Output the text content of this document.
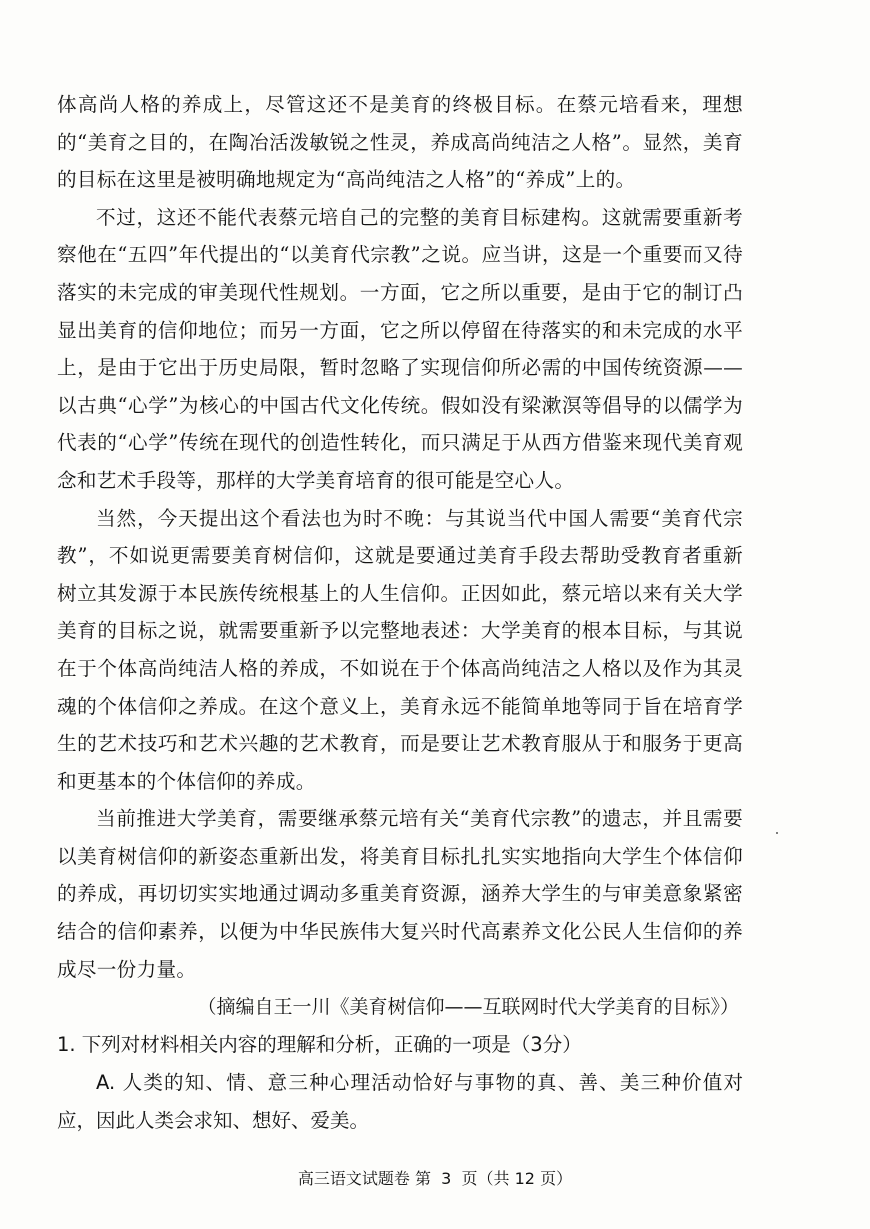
体高尚人格的养成上，尽管这还不是美育的终极目标。在蔡元培看来，理想的“美育之目的，在陶冶活泼敏锐之性灵，养成高尚纯洁之人格”。显然，美育的目标在这里是被明确地规定为“高尚纯洁之人格”的“养成”上的。

不过，这还不能代表蔡元培自己的完整的美育目标建构。这就需要重新考察他在“五四”年代提出的“以美育代宗教”之说。应当讲，这是一个重要而又待落实的未完成的审美现代性规划。一方面，它之所以重要，是由于它的制订凸显出美育的信仰地位；而另一方面，它之所以停留在待落实的和未完成的水平上，是由于它出于历史局限，暂时忽略了实现信仰所必需的中国传统资源——以古典“心学”为核心的中国古代文化传统。假如没有梁漱溟等倡导的以儒学为代表的“心学”传统在现代的创造性转化，而只满足于从西方借鉴来现代美育观念和艺术手段等，那样的大学美育培育的很可能是空心人。

当然，今天提出这个看法也为时不晚：与其说当代中国人需要“美育代宗教”，不如说更需要美育树信仰，这就是要通过美育手段去帮助受教育者重新树立其发源于本民族传统根基上的人生信仰。正因如此，蔡元培以来有关大学美育的目标之说，就需要重新予以完整地表述：大学美育的根本目标，与其说在于个体高尚纯洁人格的养成，不如说在于个体高尚纯洁之人格以及作为其灵魂的个体信仰之养成。在这个意义上，美育永远不能简单地等同于旨在培育学生的艺术技巧和艺术兴趣的艺术教育，而是要让艺术教育服从于和服务于更高和更基本的个体信仰的养成。

当前推进大学美育，需要继承蔡元培有关“美育代宗教”的遗志，并且需要以美育树信仰的新姿态重新出发，将美育目标扎扎实实地指向大学生个体信仰的养成，再切切实实地通过调动多重美育资源，涵养大学生的与审美意象紧密结合的信仰素养，以便为中华民族伟大复兴时代高素养文化公民人生信仰的养成尽一份力量。

（摘编自王一川《美育树信仰——互联网时代大学美育的目标》）

1. 下列对材料相关内容的理解和分析，正确的一项是（3分）

A. 人类的知、情、意三种心理活动恰好与事物的真、善、美三种价值对应，因此人类会求知、想好、爱美。

高三语文试题卷 第  3  页（共 12 页）
